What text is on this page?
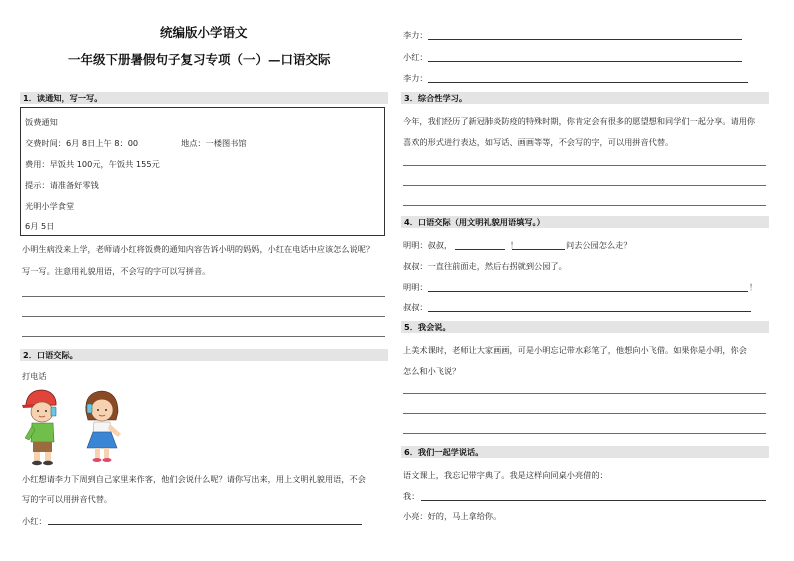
统编版小学语文
一年级下册暑假句子复习专项（一）—口语交际
1．读通知，写一写。
饭费通知
交费时间：6月 8日上午 8：00	地点：一楼图书馆
费用：早饭共 100元，午饭共 155元
提示：请准备好零钱
光明小学食堂
6月 5日
小明生病没来上学，老师请小红将饭费的通知内容告诉小明的妈妈，小红在电话中应该怎么说呢？
写一写。注意用礼貌用语，不会写的字可以写拼音。
2．口语交际。
打电话
小红想请李力下周到自己家里来作客，他们会说什么呢？请你写出来，用上文明礼貌用语，不会
写的字可以用拼音代替。
小红：
李力：
小红：
李力：
3．综合性学习。
今年，我们经历了新冠肺炎防疫的特殊时期，你肯定会有很多的愿望想和同学们一起分享。请用你
喜欢的形式进行表达，如写话、画画等等，不会写的字，可以用拼音代替。
4．口语交际（用文明礼貌用语填写。）
明明：叔叔，	！	问去公园怎么走？
叔叔：一直往前面走，然后右拐就到公园了。
明明：	！
叔叔：
5．我会说。
上美术课时，老师让大家画画，可是小明忘记带水彩笔了，他想向小飞借。如果你是小明，你会
怎么和小飞说？
6．我们一起学说话。
语文课上，我忘记带字典了。我是这样向同桌小亮借的：
我：
小亮：好的，马上拿给你。
